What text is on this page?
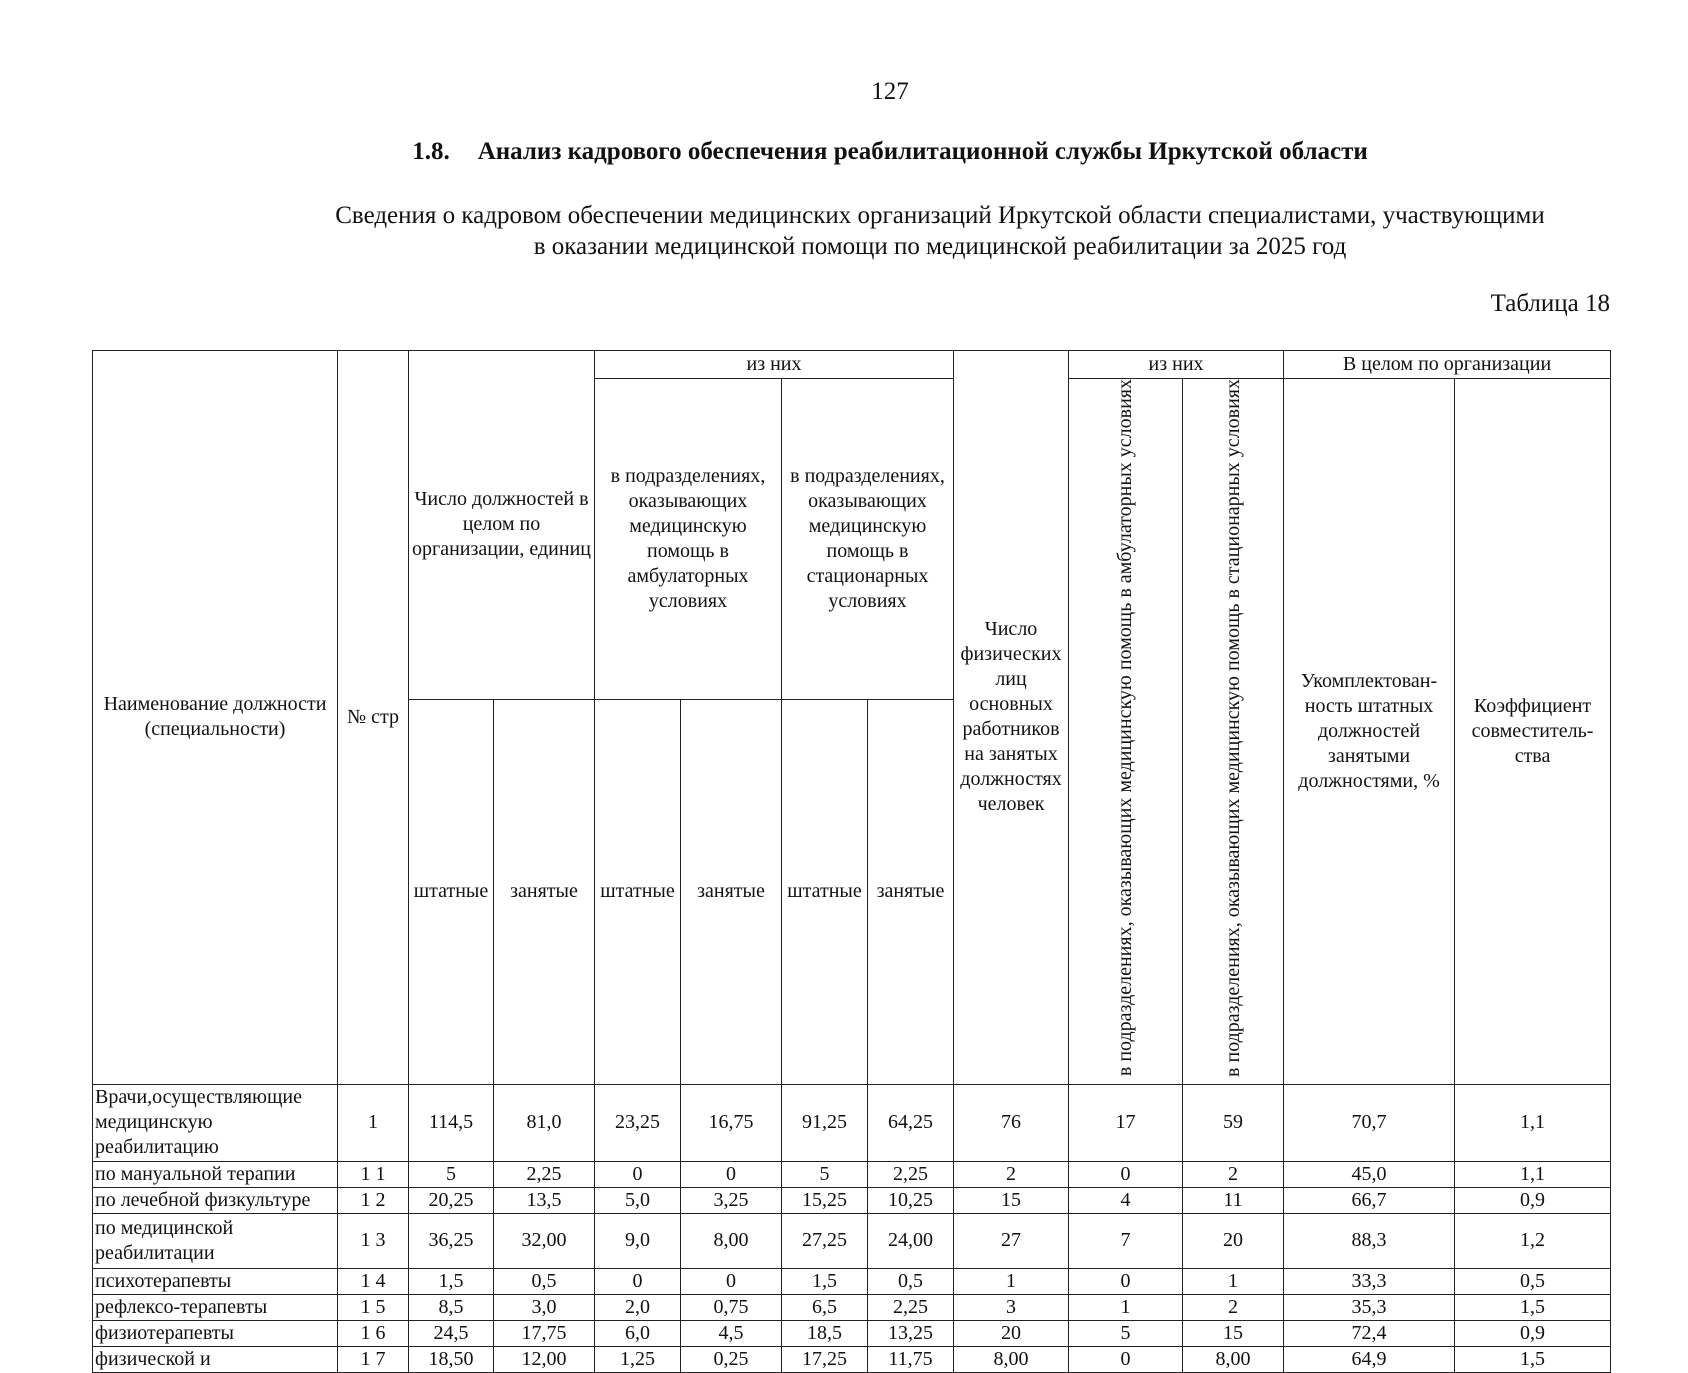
127
1.8. Анализ кадрового обеспечения реабилитационной службы Иркутской области
Сведения о кадровом обеспечении медицинских организаций Иркутской области специалистами, участвующими
в оказании медицинской помощи по медицинской реабилитации за 2025 год
Таблица 18
Наименование должности (специальности)	№ стр	Число должностей в целом по организации, единиц		из них				Число физических лиц основных работников на занятых должностях человек	из них		В целом по организации	
				в подразделениях, оказывающих медицинскую помощь в амбулаторных условиях		в подразделениях, оказывающих медицинскую помощь в стационарных условиях			в подразделениях, оказывающих медицинскую помощь в амбулаторных условиях	в подразделениях, оказывающих медицинскую помощь в стационарных условиях	Укомплектован-ность штатных должностей занятыми должностями, %	Коэффициент совместитель-ства
		штатные	занятые	штатные	занятые	штатные	занятые					
Врачи,осуществляющие медицинскую реабилитацию	1	114,5	81,0	23,25	16,75	91,25	64,25	76	17	59	70,7	1,1
по мануальной терапии	1 1	5	2,25	0	0	5	2,25	2	0	2	45,0	1,1
по лечебной физкультуре	1 2	20,25	13,5	5,0	3,25	15,25	10,25	15	4	11	66,7	0,9
по медицинской реабилитации	1 3	36,25	32,00	9,0	8,00	27,25	24,00	27	7	20	88,3	1,2
психотерапевты	1 4	1,5	0,5	0	0	1,5	0,5	1	0	1	33,3	0,5
рефлексо-терапевты	1 5	8,5	3,0	2,0	0,75	6,5	2,25	3	1	2	35,3	1,5
физиотерапевты	1 6	24,5	17,75	6,0	4,5	18,5	13,25	20	5	15	72,4	0,9
физической и	1 7	18,50	12,00	1,25	0,25	17,25	11,75	8,00	0	8,00	64,9	1,5
